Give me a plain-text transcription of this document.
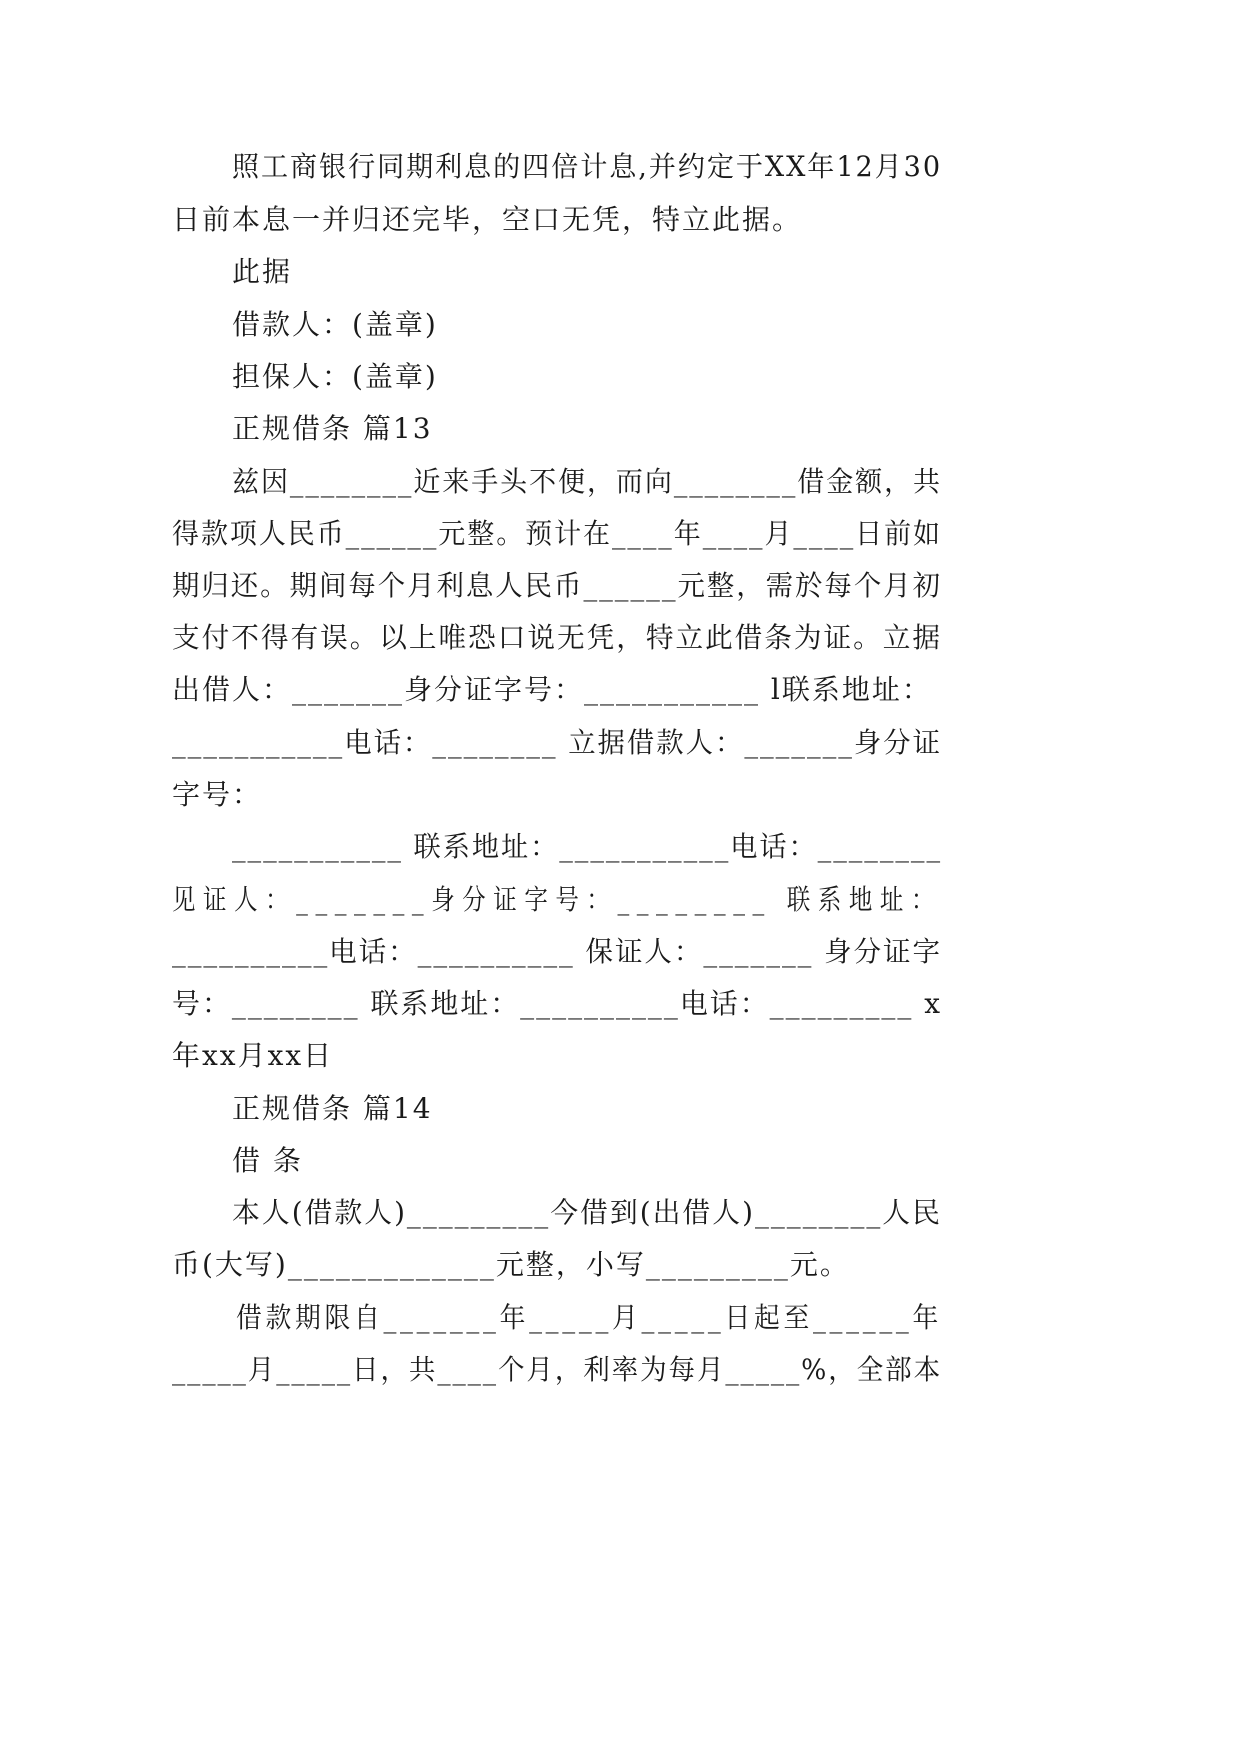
照工商银行同期利息的四倍计息,并约定于XX年12月30
日前本息一并归还完毕，空口无凭，特立此据。
此据
借款人：(盖章)
担保人：(盖章)
正规借条 篇13
兹因________近来手头不便，而向________借金额，共
得款项人民币______元整。预计在____年____月____日前如
期归还。期间每个月利息人民币______元整，需於每个月初
支付不得有误。以上唯恐口说无凭，特立此借条为证。立据
出借人：_______身分证字号：___________ l联系地址：
___________电话：________ 立据借款人：_______身分证
字号：
___________ 联系地址：___________电话：________
见证人：_______身分证字号：________ 联系地址：
__________电话：__________ 保证人：_______ 身分证字
号：________ 联系地址：__________电话：_________ x
年xx月xx日
正规借条 篇14
借 条
本人(借款人)_________今借到(出借人)________人民
币(大写)_____________元整，小写_________元。
借款期限自_______年_____月_____日起至______年
_____月_____日，共____个月，利率为每月_____%，全部本
